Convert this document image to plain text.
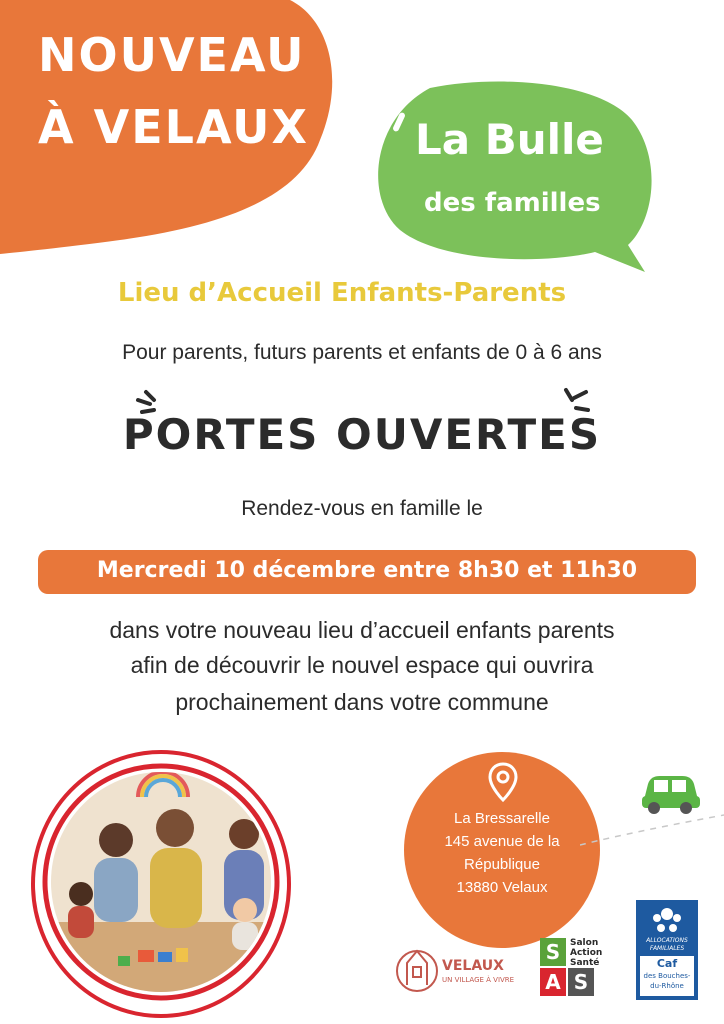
NOUVEAU
À VELAUX	La Bulle
des familles
Lieu d’Accueil Enfants-Parents
Pour parents, futurs parents et enfants de 0 à 6 ans
PORTES OUVERTES
Rendez-vous en famille le
Mercredi 10 décembre entre 8h30 et 11h30
dans votre nouveau lieu d’accueil enfants parents
afin de découvrir le nouvel espace qui ouvrira
prochainement dans votre commune
La Bressarelle
145 avenue de la
République
13880 Velaux
VELAUX
UN VILLAGE À VIVRE
S
A S
Salon
Action
Santé
ALLOCATIONS
FAMILIALES
Caf
des Bouches-
du-Rhône
